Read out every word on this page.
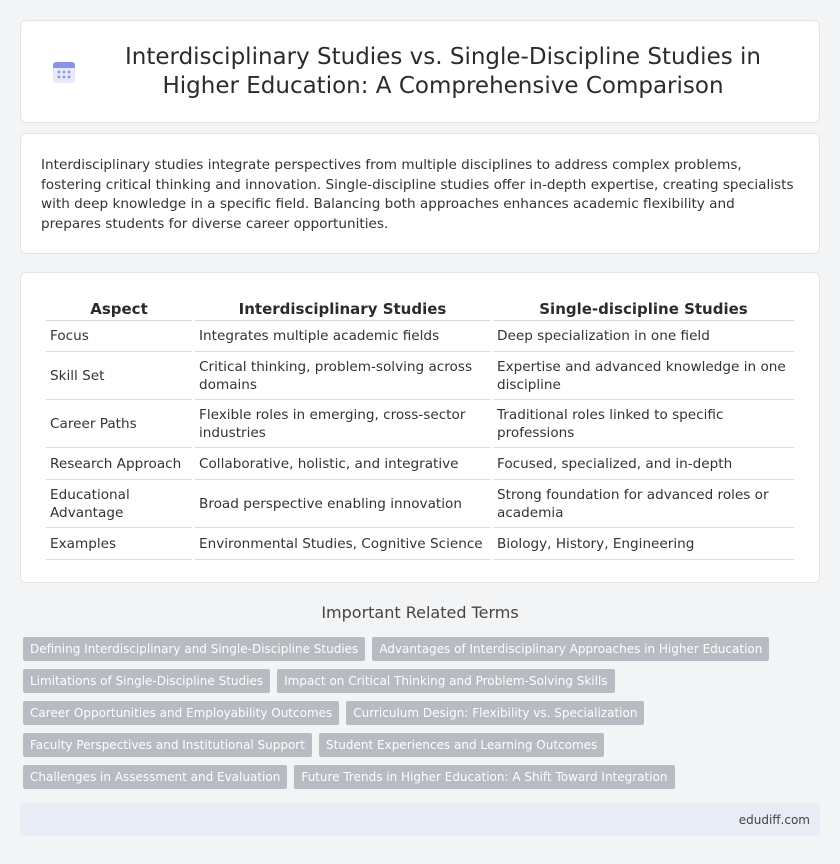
Interdisciplinary Studies vs. Single-Discipline Studies in Higher Education: A Comprehensive Comparison

Interdisciplinary studies integrate perspectives from multiple disciplines to address complex problems, fostering critical thinking and innovation. Single-discipline studies offer in-depth expertise, creating specialists with deep knowledge in a specific field. Balancing both approaches enhances academic flexibility and prepares students for diverse career opportunities.

Aspect	Interdisciplinary Studies	Single-discipline Studies
Focus	Integrates multiple academic fields	Deep specialization in one field
Skill Set	Critical thinking, problem-solving across domains	Expertise and advanced knowledge in one discipline
Career Paths	Flexible roles in emerging, cross-sector industries	Traditional roles linked to specific professions
Research Approach	Collaborative, holistic, and integrative	Focused, specialized, and in-depth
Educational Advantage	Broad perspective enabling innovation	Strong foundation for advanced roles or academia
Examples	Environmental Studies, Cognitive Science	Biology, History, Engineering
Important Related Terms
Defining Interdisciplinary and Single-Discipline Studies	Advantages of Interdisciplinary Approaches in Higher Education
Limitations of Single-Discipline Studies	Impact on Critical Thinking and Problem-Solving Skills
Career Opportunities and Employability Outcomes	Curriculum Design: Flexibility vs. Specialization
Faculty Perspectives and Institutional Support	Student Experiences and Learning Outcomes
Challenges in Assessment and Evaluation	Future Trends in Higher Education: A Shift Toward Integration
edudiff.com
